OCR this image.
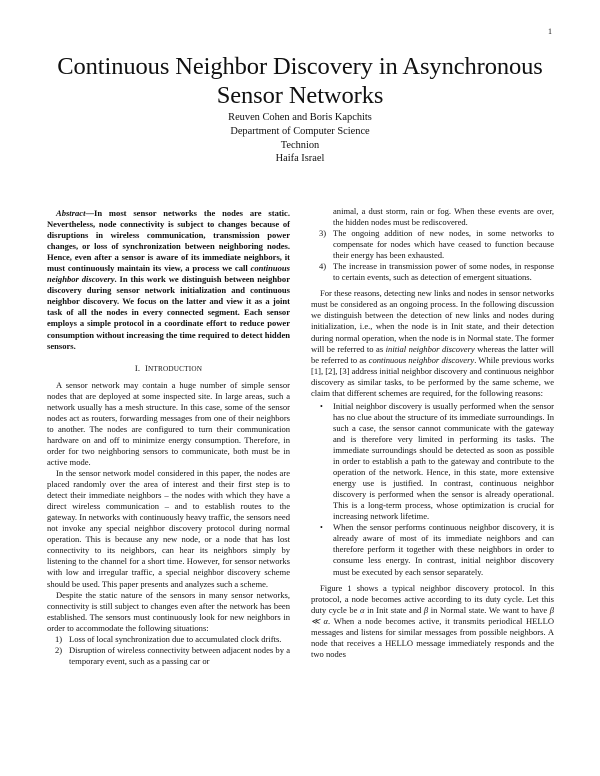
1
Continuous Neighbor Discovery in Asynchronous Sensor Networks
Reuven Cohen and Boris Kapchits
Department of Computer Science
Technion
Haifa Israel

Abstract—In most sensor networks the nodes are static. Nevertheless, node connectivity is subject to changes because of disruptions in wireless communication, transmission power changes, or loss of synchronization between neighboring nodes. Hence, even after a sensor is aware of its immediate neighbors, it must continuously maintain its view, a process we call continuous neighbor discovery. In this work we distinguish between neighbor discovery during sensor network initialization and continuous neighbor discovery. We focus on the latter and view it as a joint task of all the nodes in every connected segment. Each sensor employs a simple protocol in a coordinate effort to reduce power consumption without increasing the time required to detect hidden sensors.

I. INTRODUCTION

A sensor network may contain a huge number of simple sensor nodes that are deployed at some inspected site. In large areas, such a network usually has a mesh structure. In this case, some of the sensor nodes act as routers, forwarding messages from one of their neighbors to another. The nodes are configured to turn their communication hardware on and off to minimize energy consumption. Therefore, in order for two neighboring sensors to communicate, both must be in active mode.

In the sensor network model considered in this paper, the nodes are placed randomly over the area of interest and their first step is to detect their immediate neighbors – the nodes with which they have a direct wireless communication – and to establish routes to the gateway. In networks with continuously heavy traffic, the sensors need not invoke any special neighbor discovery protocol during normal operation. This is because any new node, or a node that has lost connectivity to its neighbors, can hear its neighbors simply by listening to the channel for a short time. However, for sensor networks with low and irregular traffic, a special neighbor discovery scheme should be used. This paper presents and analyzes such a scheme.

Despite the static nature of the sensors in many sensor networks, connectivity is still subject to changes even after the network has been established. The sensors must continuously look for new neighbors in order to accommodate the following situations:

1) Loss of local synchronization due to accumulated clock drifts.
2) Disruption of wireless connectivity between adjacent nodes by a temporary event, such as a passing car or
animal, a dust storm, rain or fog. When these events are over, the hidden nodes must be rediscovered.
3) The ongoing addition of new nodes, in some networks to compensate for nodes which have ceased to function because their energy has been exhausted.
4) The increase in transmission power of some nodes, in response to certain events, such as detection of emergent situations.

For these reasons, detecting new links and nodes in sensor networks must be considered as an ongoing process. In the following discussion we distinguish between the detection of new links and nodes during initialization, i.e., when the node is in Init state, and their detection during normal operation, when the node is in Normal state. The former will be referred to as initial neighbor discovery whereas the latter will be referred to as continuous neighbor discovery. While previous works [1], [2], [3] address initial neighbor discovery and continuous neighbor discovery as similar tasks, to be performed by the same scheme, we claim that different schemes are required, for the following reasons:

• Initial neighbor discovery is usually performed when the sensor has no clue about the structure of its immediate surroundings. In such a case, the sensor cannot communicate with the gateway and is therefore very limited in performing its tasks. The immediate surroundings should be detected as soon as possible in order to establish a path to the gateway and contribute to the operation of the network. Hence, in this state, more extensive energy use is justified. In contrast, continuous neighbor discovery is performed when the sensor is already operational. This is a long-term process, whose optimization is crucial for increasing network lifetime.
• When the sensor performs continuous neighbor discovery, it is already aware of most of its immediate neighbors and can therefore perform it together with these neighbors in order to consume less energy. In contrast, initial neighbor discovery must be executed by each sensor separately.

Figure 1 shows a typical neighbor discovery protocol. In this protocol, a node becomes active according to its duty cycle. Let this duty cycle be α in Init state and β in Normal state. We want to have β ≪ α. When a node becomes active, it transmits periodical HELLO messages and listens for similar messages from possible neighbors. A node that receives a HELLO message immediately responds and the two nodes
